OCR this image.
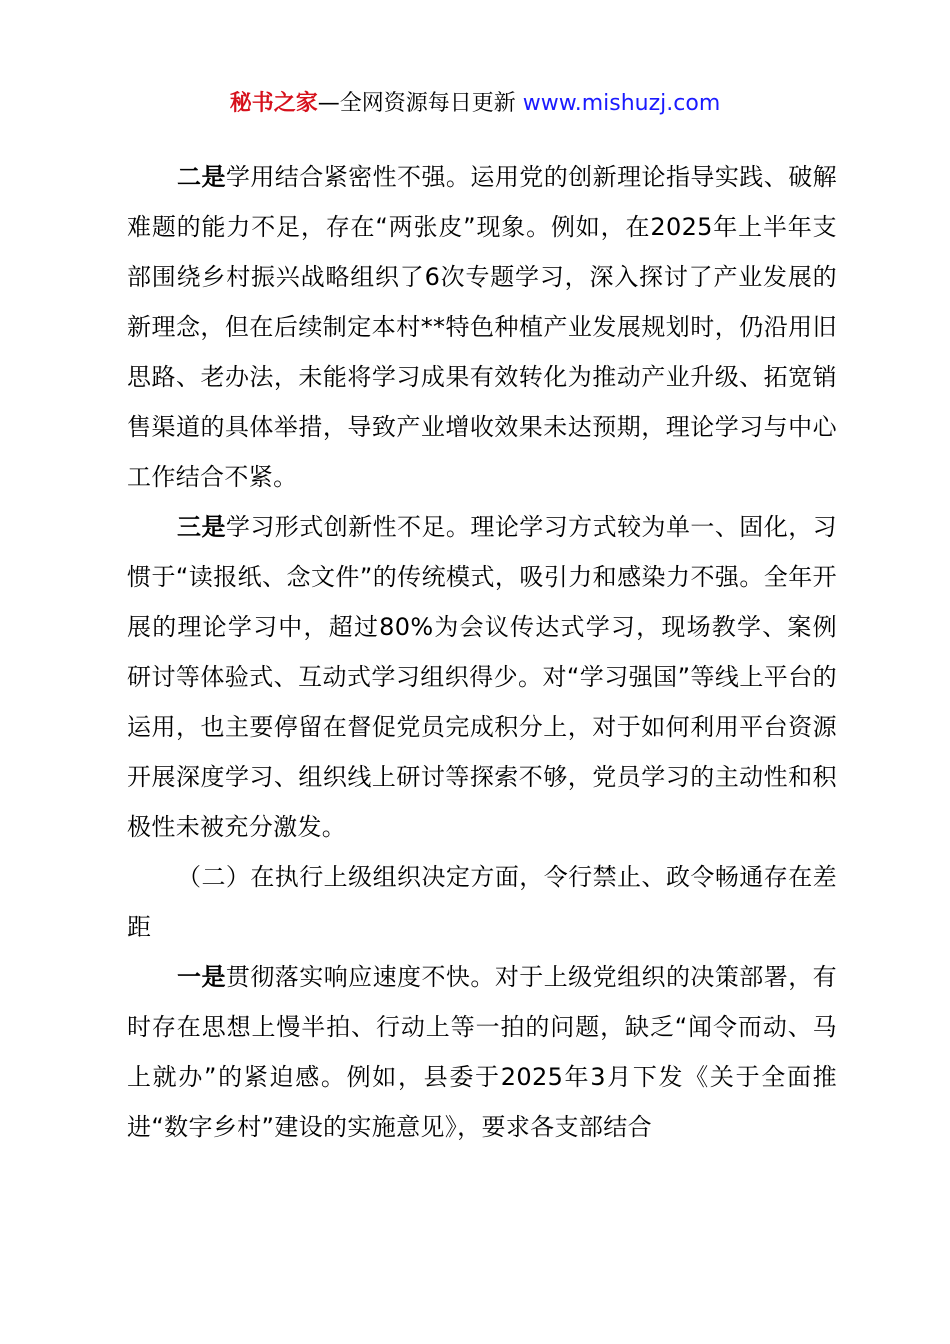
秘书之家—全网资源每日更新 www.mishuzj.com

二是学用结合紧密性不强。运用党的创新理论指导实践、破解难题的能力不足，存在“两张皮”现象。例如，在2025年上半年支部围绕乡村振兴战略组织了6次专题学习，深入探讨了产业发展的新理念，但在后续制定本村**特色种植产业发展规划时，仍沿用旧思路、老办法，未能将学习成果有效转化为推动产业升级、拓宽销售渠道的具体举措，导致产业增收效果未达预期，理论学习与中心工作结合不紧。

三是学习形式创新性不足。理论学习方式较为单一、固化，习惯于“读报纸、念文件”的传统模式，吸引力和感染力不强。全年开展的理论学习中，超过80%为会议传达式学习，现场教学、案例研讨等体验式、互动式学习组织得少。对“学习强国”等线上平台的运用，也主要停留在督促党员完成积分上，对于如何利用平台资源开展深度学习、组织线上研讨等探索不够，党员学习的主动性和积极性未被充分激发。

（二）在执行上级组织决定方面，令行禁止、政令畅通存在差距

一是贯彻落实响应速度不快。对于上级党组织的决策部署，有时存在思想上慢半拍、行动上等一拍的问题，缺乏“闻令而动、马上就办”的紧迫感。例如，县委于2025年3月下发《关于全面推进“数字乡村”建设的实施意见》，要求各支部结合
